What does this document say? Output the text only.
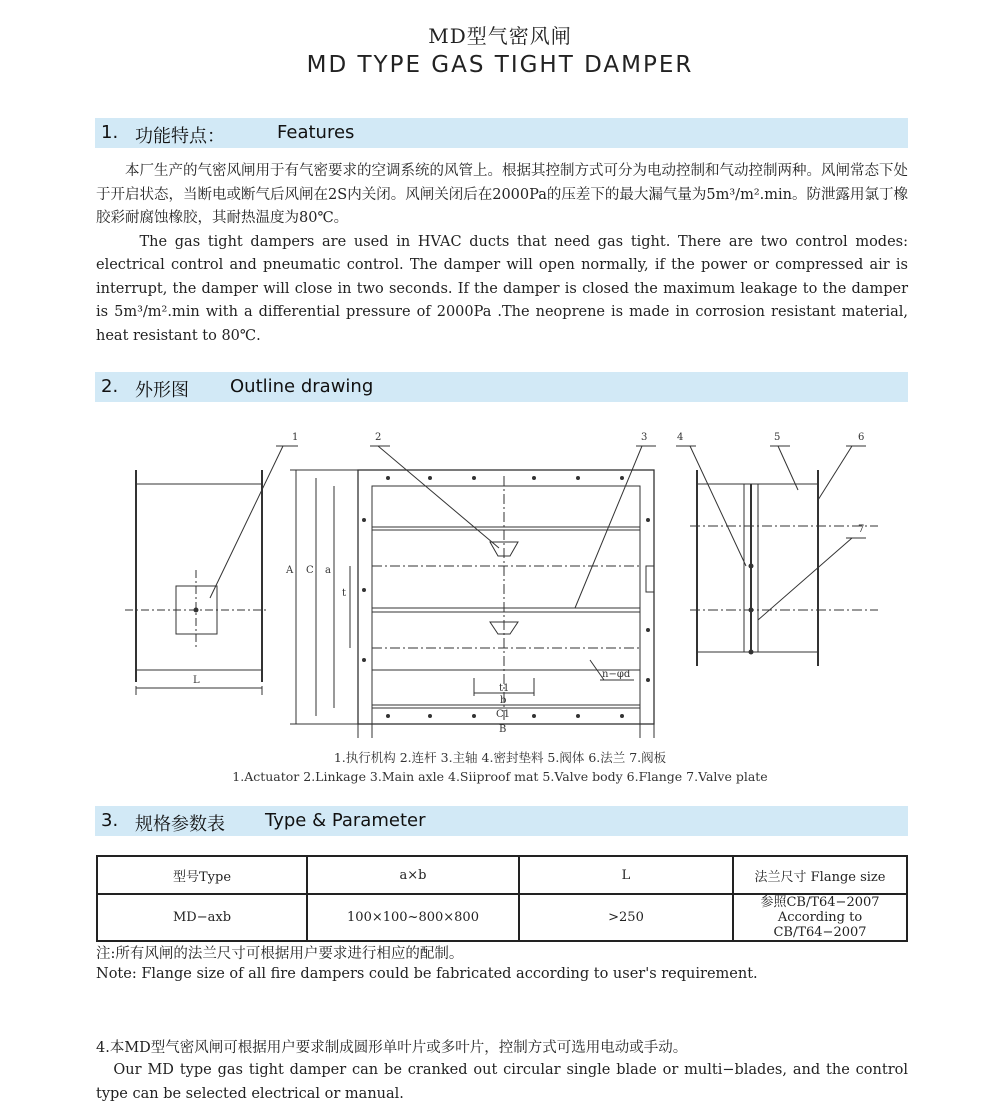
MD型气密风闸
MD TYPE GAS TIGHT DAMPER
1. 功能特点：	Features

本厂生产的气密风闸用于有气密要求的空调系统的风管上。根据其控制方式可分为电动控制和气动控制两种。风闸常态下处于开启状态，当断电或断气后风闸在2S内关闭。风闸关闭后在2000Pa的压差下的最大漏气量为5m³/m².min。防泄露用氯丁橡胶彩耐腐蚀橡胶，其耐热温度为80℃。

The gas tight dampers are used in HVAC ducts that need gas tight. There are two control modes: electrical control and pneumatic control. The damper will open normally, if the power or compressed air is interrupt, the damper will close in two seconds. If the damper is closed the maximum leakage to the damper is 5m³/m².min with a differential pressure of 2000Pa .The neoprene is made in corrosion resistant material, heat resistant to 80℃.

2. 外形图 Outline drawing
1
L
A C a
t
t1
b
C1
B
2	3
n−φd
4	5	6
7
1.执行机构 2.连杆 3.主轴 4.密封垫料 5.阀体 6.法兰 7.阀板
1.Actuator 2.Linkage 3.Main axle 4.Siiproof mat 5.Valve body 6.Flange 7.Valve plate
3. 规格参数表 Type & Parameter
型号Type	a×b	L	法兰尺寸 Flange size
MD−axb	100×100~800×800	>250	参照CB/T64−2007
According to CB/T64−2007
注:所有风闸的法兰尺寸可根据用户要求进行相应的配制。
Note: Flange size of all fire dampers could be fabricated according to user's requirement.
4.本MD型气密风闸可根据用户要求制成圆形单叶片或多叶片，控制方式可选用电动或手动。
Our MD type gas tight damper can be cranked out circular single blade or multi−blades, and the control type can be selected electrical or manual.
